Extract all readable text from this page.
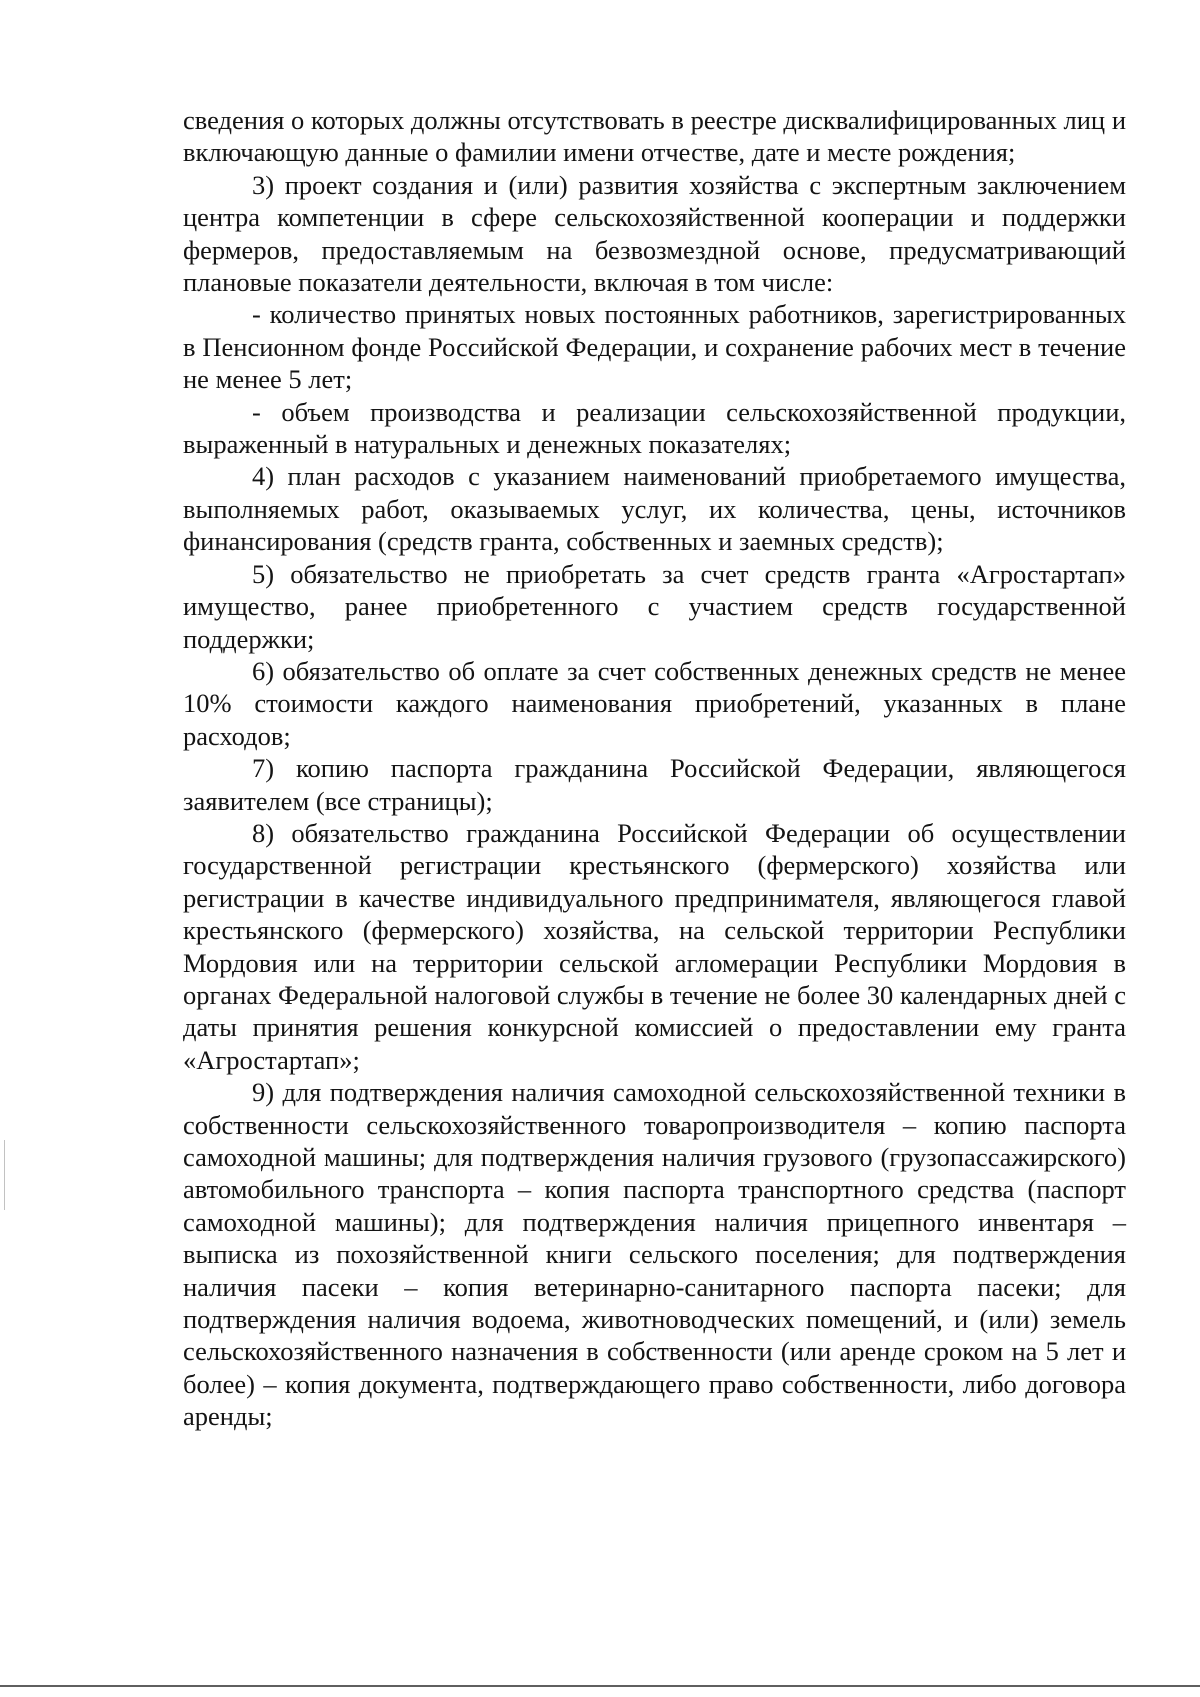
сведения о которых должны отсутствовать в реестре дисквалифицированных лиц и включающую данные о фамилии имени отчестве, дате и месте рождения;

3) проект создания и (или) развития хозяйства с экспертным заключением центра компетенции в сфере сельскохозяйственной кооперации и поддержки фермеров, предоставляемым на безвозмездной основе, предусматривающий плановые показатели деятельности, включая в том числе:

- количество принятых новых постоянных работников, зарегистрированных в Пенсионном фонде Российской Федерации, и сохранение рабочих мест в течение не менее 5 лет;

- объем производства и реализации сельскохозяйственной продукции, выраженный в натуральных и денежных показателях;

4) план расходов с указанием наименований приобретаемого имущества, выполняемых работ, оказываемых услуг, их количества, цены, источников финансирования (средств гранта, собственных и заемных средств);

5) обязательство не приобретать за счет средств гранта «Агростартап» имущество, ранее приобретенного с участием средств государственной поддержки;

6) обязательство об оплате за счет собственных денежных средств не менее 10% стоимости каждого наименования приобретений, указанных в плане расходов;

7) копию паспорта гражданина Российской Федерации, являющегося заявителем (все страницы);

8) обязательство гражданина Российской Федерации об осуществлении государственной регистрации крестьянского (фермерского) хозяйства или регистрации в качестве индивидуального предпринимателя, являющегося главой крестьянского (фермерского) хозяйства, на сельской территории Республики Мордовия или на территории сельской агломерации Республики Мордовия в органах Федеральной налоговой службы в течение не более 30 календарных дней с даты принятия решения конкурсной комиссией о предоставлении ему гранта «Агростартап»;

9) для подтверждения наличия самоходной сельскохозяйственной техники в собственности сельскохозяйственного товаропроизводителя – копию паспорта самоходной машины; для подтверждения наличия грузового (грузопассажирского) автомобильного транспорта – копия паспорта транспортного средства (паспорт самоходной машины); для подтверждения наличия прицепного инвентаря – выписка из похозяйственной книги сельского поселения; для подтверждения наличия пасеки – копия ветеринарно-санитарного паспорта пасеки; для подтверждения наличия водоема, животноводческих помещений, и (или) земель сельскохозяйственного назначения в собственности (или аренде сроком на 5 лет и более) – копия документа, подтверждающего право собственности, либо договора аренды;
